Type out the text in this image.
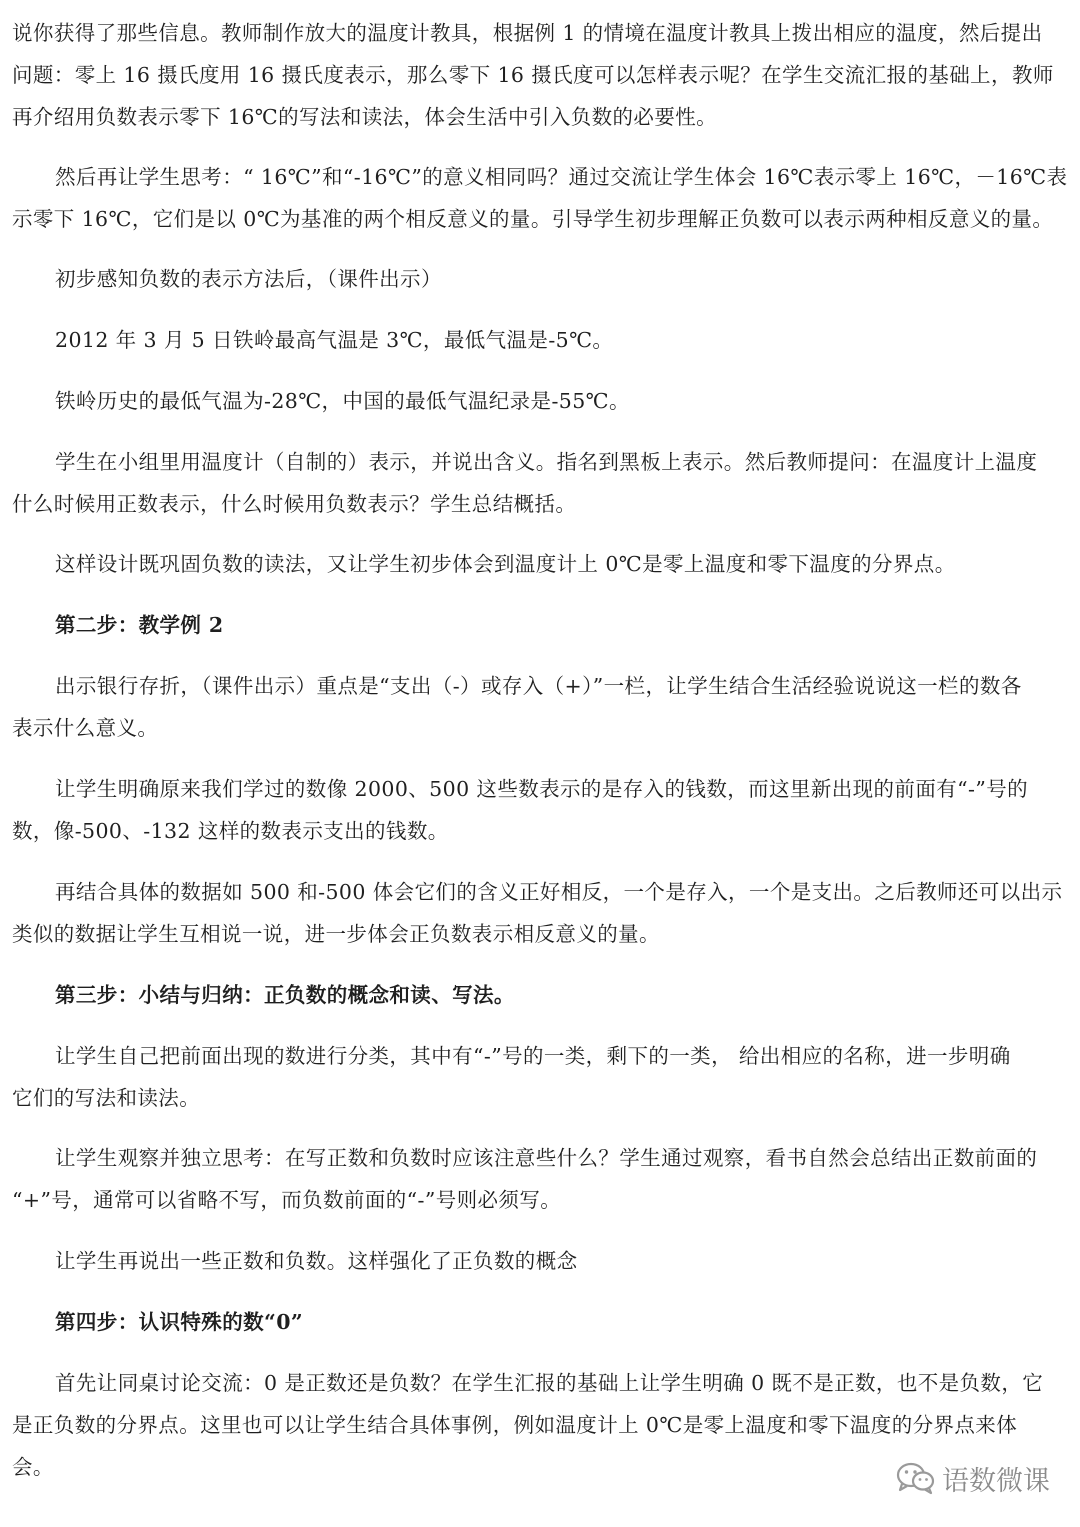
说你获得了那些信息。教师制作放大的温度计教具，根据例 1 的情境在温度计教具上拨出相应的温度，然后提出
问题：零上 16 摄氏度用 16 摄氏度表示，那么零下 16 摄氏度可以怎样表示呢？在学生交流汇报的基础上，教师
再介绍用负数表示零下 16℃的写法和读法，体会生活中引入负数的必要性。
然后再让学生思考：“ 16℃”和“-16℃”的意义相同吗？通过交流让学生体会 16℃表示零上 16℃，－16℃表
示零下 16℃，它们是以 0℃为基准的两个相反意义的量。引导学生初步理解正负数可以表示两种相反意义的量。
初步感知负数的表示方法后，（课件出示）
2012 年 3 月 5 日铁岭最高气温是 3℃，最低气温是-5℃。
铁岭历史的最低气温为-28℃，中国的最低气温纪录是-55℃。
学生在小组里用温度计（自制的）表示，并说出含义。指名到黑板上表示。然后教师提问：在温度计上温度
什么时候用正数表示，什么时候用负数表示？学生总结概括。
这样设计既巩固负数的读法，又让学生初步体会到温度计上 0℃是零上温度和零下温度的分界点。
第二步：教学例 2
出示银行存折，（课件出示）重点是“支出（-）或存入（+）”一栏，让学生结合生活经验说说这一栏的数各
表示什么意义。
让学生明确原来我们学过的数像 2000、500 这些数表示的是存入的钱数，而这里新出现的前面有“-”号的
数，像-500、-132 这样的数表示支出的钱数。
再结合具体的数据如 500 和-500 体会它们的含义正好相反，一个是存入，一个是支出。之后教师还可以出示
类似的数据让学生互相说一说，进一步体会正负数表示相反意义的量。
第三步：小结与归纳：正负数的概念和读、写法。
让学生自己把前面出现的数进行分类，其中有“-”号的一类，剩下的一类， 给出相应的名称，进一步明确
它们的写法和读法。
让学生观察并独立思考：在写正数和负数时应该注意些什么？学生通过观察，看书自然会总结出正数前面的
“+”号，通常可以省略不写，而负数前面的“-”号则必须写。
让学生再说出一些正数和负数。这样强化了正负数的概念
第四步：认识特殊的数“0”
首先让同桌讨论交流：0 是正数还是负数？在学生汇报的基础上让学生明确 0 既不是正数，也不是负数，它
是正负数的分界点。这里也可以让学生结合具体事例，例如温度计上 0℃是零上温度和零下温度的分界点来体
会。	语数微课
